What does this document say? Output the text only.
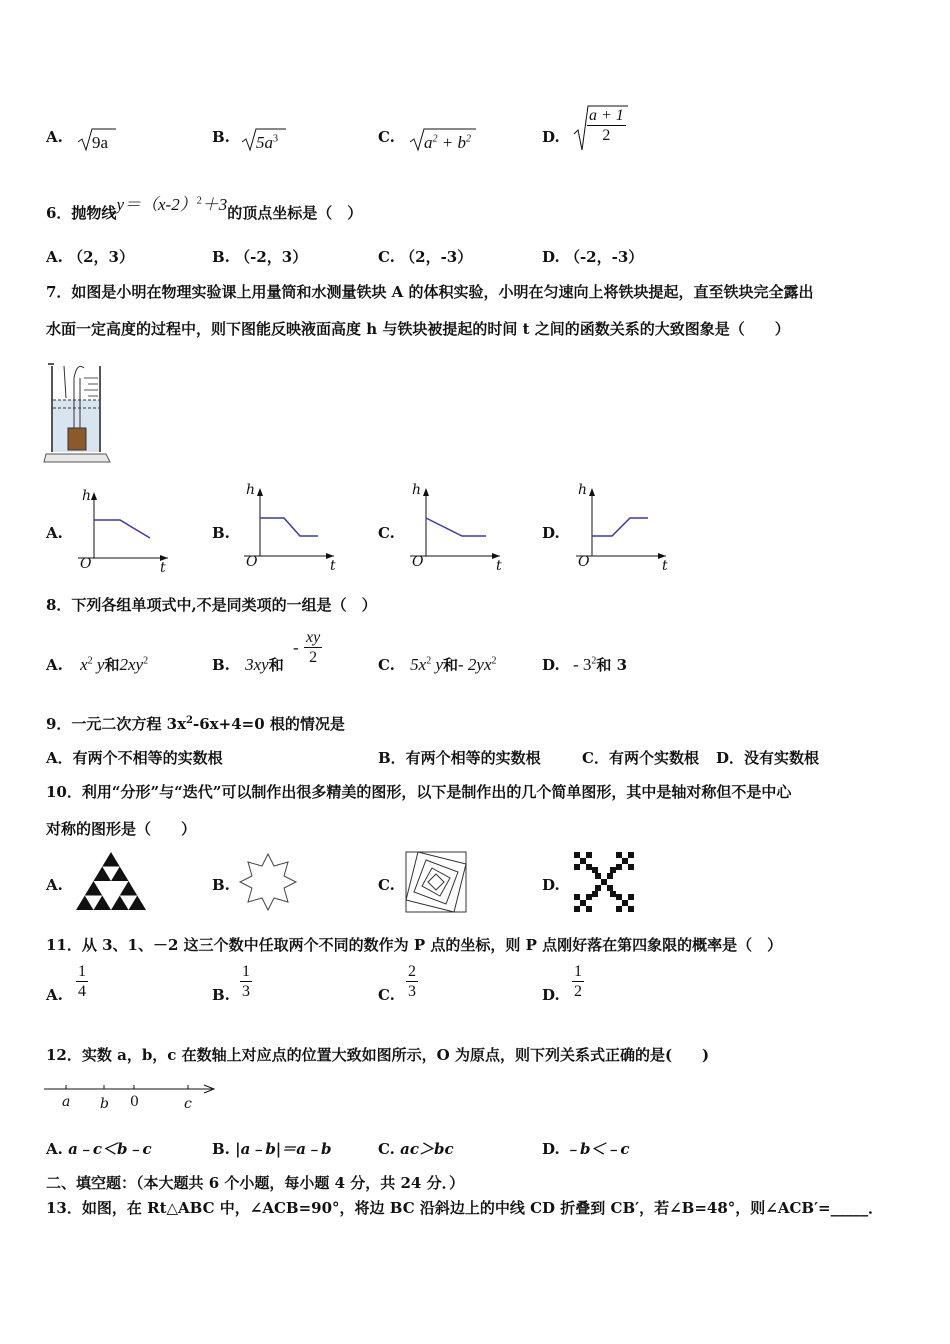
A. 9a	B. $5a^3$	C. $a^2 + b^2$	D. $\frac{a + 1}{2}$
6．抛物线$y=(x-2)^2+3$的顶点坐标是（　）
A. （2，3）	B. （-2，3）	C. （2，-3）	D. （-2，-3）
7．如图是小明在物理实验课上用量筒和水测量铁块 A 的体积实验，小明在匀速向上将铁块提起，直至铁块完全露出
水面一定高度的过程中，则下图能反映液面高度 h 与铁块被提起的时间 t 之间的函数关系的大致图象是（　　）
A.
h
O	t
B.
h
O	t
C.
h
O	t
D.
h
O	t
8．下列各组单项式中,不是同类项的一组是（　）
A. $x^2$ y和$2xy^2$	B. 3xy和
- $\frac{xy}{2}$	C. $5x^2$ y和- $2yx^2$	D. - $3^2$和 3
9．一元二次方程 $3x^2-6x+4=0$ 根的情况是
A．有两个不相等的实数根	B．有两个相等的实数根	C．有两个实数根 D．没有实数根
10．利用“分形”与“迭代”可以制作出很多精美的图形，以下是制作出的几个简单图形，其中是轴对称但不是中心
对称的图形是（　　）
A.	B.	C.	D.
11．从 3、1、－2 这三个数中任取两个不同的数作为 P 点的坐标，则 P 点刚好落在第四象限的概率是（　）
A. $\frac{1}{4}$	B. $\frac{1}{3}$	C. $\frac{2}{3}$	D. $\frac{1}{2}$
12．实数 a，b，c 在数轴上对应点的位置大致如图所示，O 为原点，则下列关系式正确的是(　　)
a b 0	c
A. a﹣c＜b﹣c	B. |a﹣b|＝a﹣b	C. ac＞bc	D. ﹣b＜﹣c
二、填空题：（本大题共 6 个小题，每小题 4 分，共 24 分．）
13．如图，在 Rt△ABC 中，∠ACB=90°，将边 BC 沿斜边上的中线 CD 折叠到 CB′，若∠B=48°，则∠ACB′=_____．
